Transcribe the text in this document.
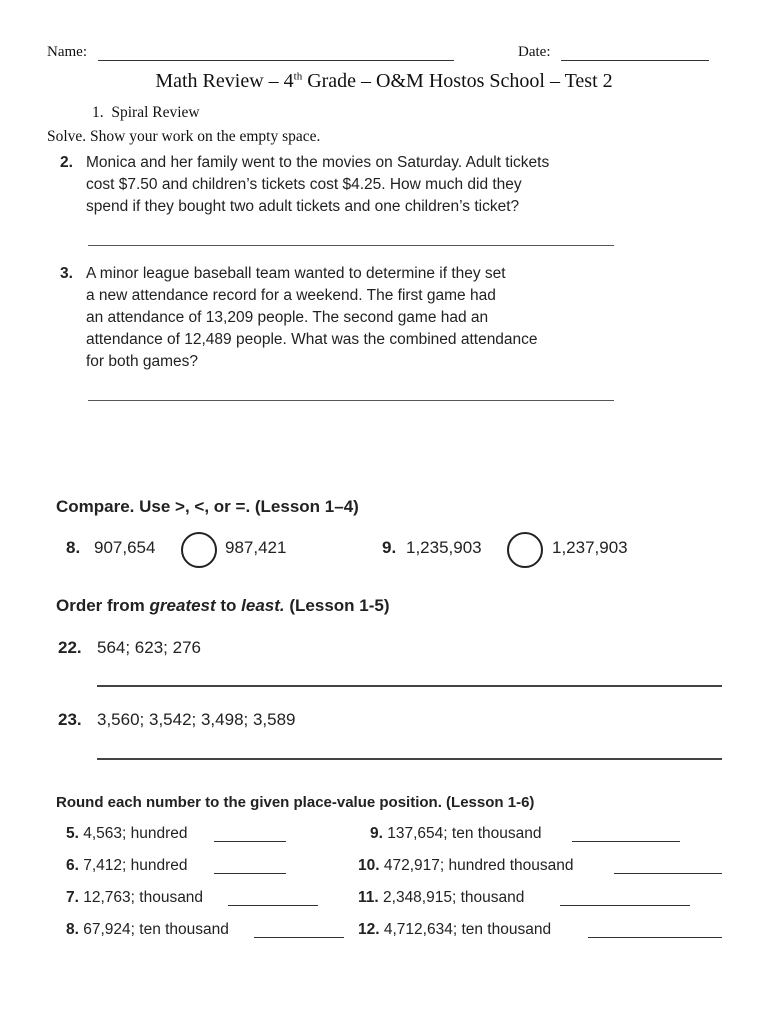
Name:	Date:
Math Review – 4th Grade – O&M Hostos School – Test 2
1. Spiral Review
Solve. Show your work on the empty space.
2. Monica and her family went to the movies on Saturday. Adult tickets
cost $7.50 and children’s tickets cost $4.25. How much did they
spend if they bought two adult tickets and one children’s ticket?
3. A minor league baseball team wanted to determine if they set
a new attendance record for a weekend. The first game had
an attendance of 13,209 people. The second game had an
attendance of 12,489 people. What was the combined attendance
for both games?
Compare. Use >, <, or =. (Lesson 1–4)
8. 907,654	987,421	9. 1,235,903	1,237,903
Order from greatest to least. (Lesson 1-5)
22. 564; 623; 276
23. 3,560; 3,542; 3,498; 3,589
Round each number to the given place-value position. (Lesson 1-6)
5. 4,563; hundred
6. 7,412; hundred
7. 12,763; thousand
8. 67,924; ten thousand
9. 137,654; ten thousand
10. 472,917; hundred thousand
11. 2,348,915; thousand
12. 4,712,634; ten thousand
